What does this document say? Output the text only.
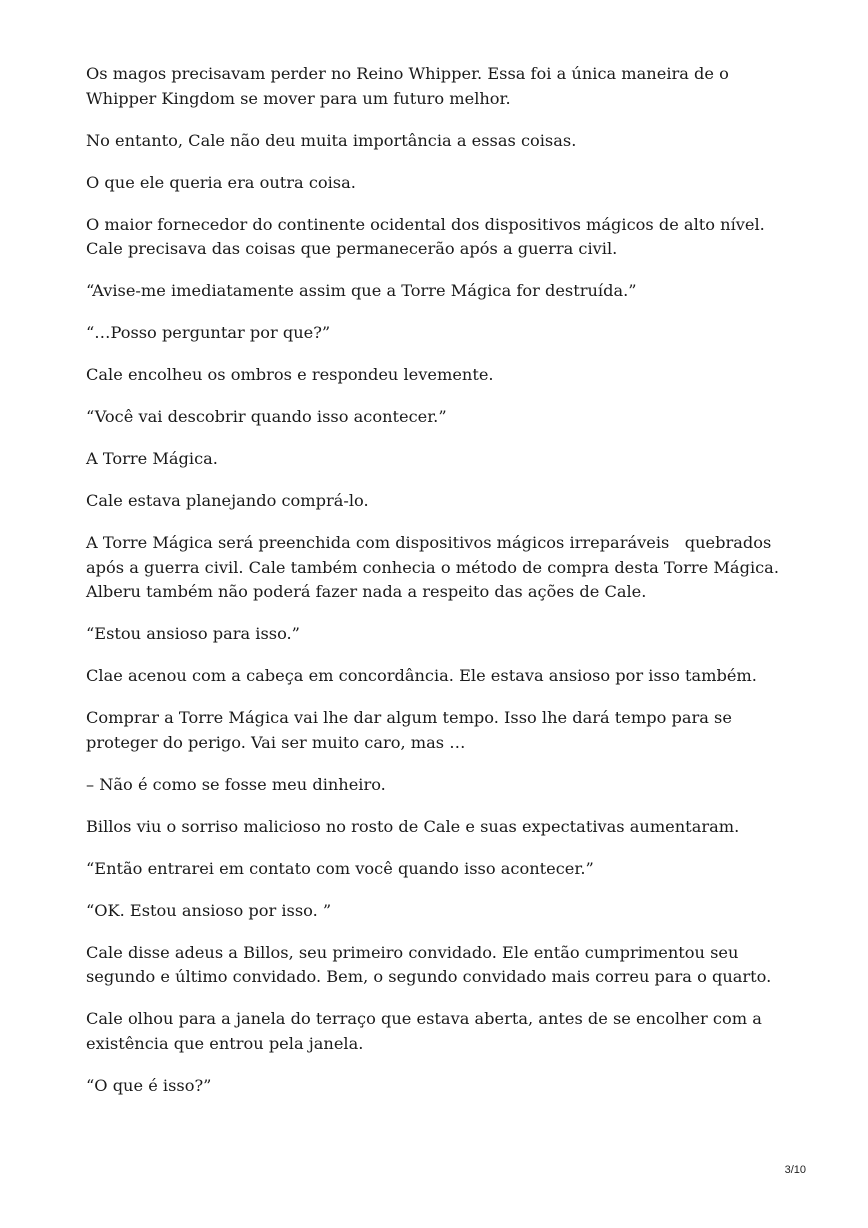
Os magos precisavam perder no Reino Whipper. Essa foi a única maneira de o Whipper Kingdom se mover para um futuro melhor.

No entanto, Cale não deu muita importância a essas coisas.

O que ele queria era outra coisa.

O maior fornecedor do continente ocidental dos dispositivos mágicos de alto nível. Cale precisava das coisas que permanecerão após a guerra civil.

“Avise-me imediatamente assim que a Torre Mágica for destruída.”

“…Posso perguntar por que?”

Cale encolheu os ombros e respondeu levemente.

“Você vai descobrir quando isso acontecer.”

A Torre Mágica.

Cale estava planejando comprá-lo.

A Torre Mágica será preenchida com dispositivos mágicos irreparáveis   quebrados após a guerra civil. Cale também conhecia o método de compra desta Torre Mágica. Alberu também não poderá fazer nada a respeito das ações de Cale.

“Estou ansioso para isso.”

Clae acenou com a cabeça em concordância. Ele estava ansioso por isso também.

Comprar a Torre Mágica vai lhe dar algum tempo. Isso lhe dará tempo para se proteger do perigo. Vai ser muito caro, mas …

– Não é como se fosse meu dinheiro.

Billos viu o sorriso malicioso no rosto de Cale e suas expectativas aumentaram.

“Então entrarei em contato com você quando isso acontecer.”

“OK. Estou ansioso por isso. ”

Cale disse adeus a Billos, seu primeiro convidado. Ele então cumprimentou seu segundo e último convidado. Bem, o segundo convidado mais correu para o quarto.

Cale olhou para a janela do terraço que estava aberta, antes de se encolher com a existência que entrou pela janela.

“O que é isso?”

3/10
